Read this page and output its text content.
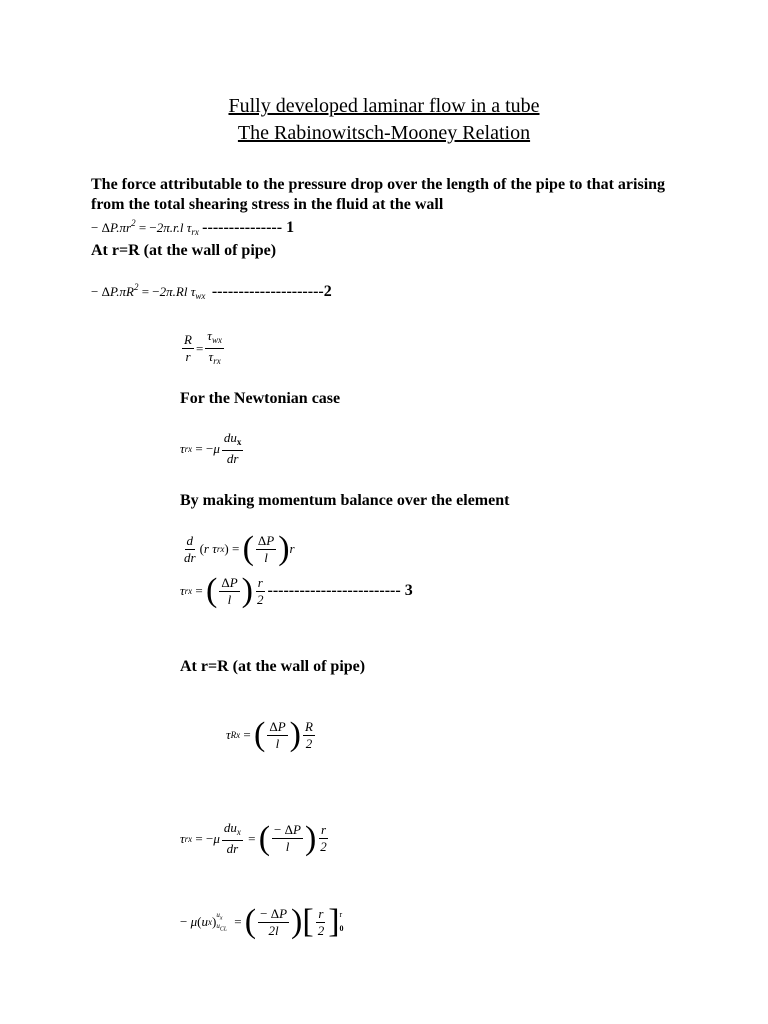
Fully developed laminar flow in a tube
The Rabinowitsch-Mooney Relation
The force attributable to the pressure drop over the length of the pipe to that arising
from the total shearing stress in the fluid at the wall
− $\Delta P.\pi r^2 = -2\pi.r.l$ $\tau_{rx}$ --------------- 1
At r=R (at the wall of pipe)
− $\Delta P.\pi R^2 = -2\pi.Rl$ $\tau_{wx}$ ---------------------2
$\frac{R}{r} = \frac{\tau_{wx}}{\tau_{rx}}$
For the Newtonian case
τ rx
=
− μ $\frac{du_x}{dr}$
By making momentum balance over the element
$\frac{d}{dr}$ ( r τ rx ) = ( $\frac{\Delta P}{l}$ ) r
τ rx = ( $\frac{\Delta P}{l}$ ) $\frac{r}{2}$ ------------------------- 3
At r=R (at the wall of pipe)
τ Rx = ( $\frac{\Delta P}{l}$ ) $\frac{R}{2}$
τ rx
=
− μ $\frac{du_x}{dr}$ = ( $\frac{- \Delta P}{l}$ ) $\frac{r}{2}$
− μ ( u x ) $u_x$
$u_{CL}$
= ( $\frac{- \Delta P}{2l}$ ) [ $\frac{r}{2}$ ] r
0
